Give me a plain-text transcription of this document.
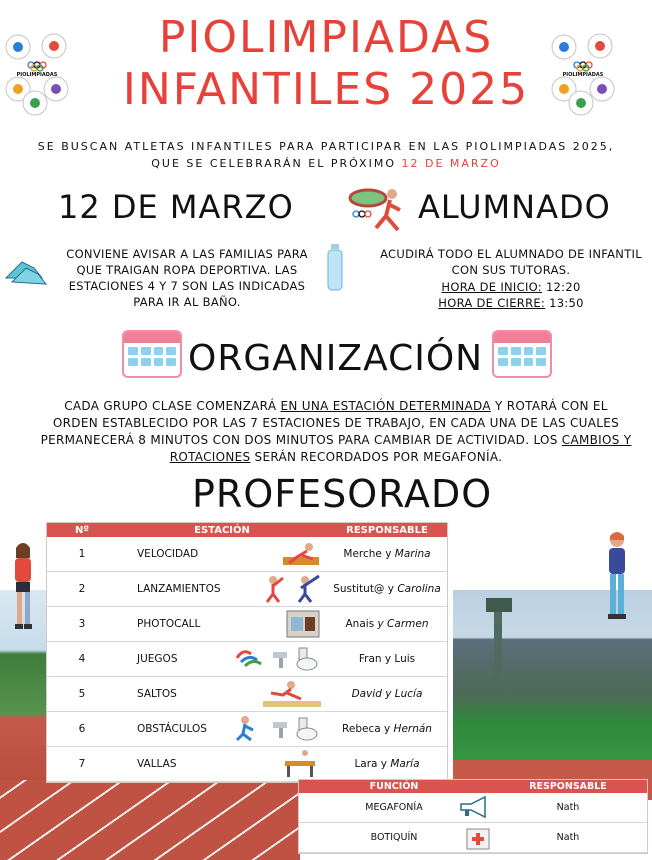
PIOLIMPIADAS	PIOLIMPIADAS
PIOLIMPIADAS
INFANTILES 2025
SE BUSCAN ATLETAS INFANTILES PARA PARTICIPAR EN LAS PIOLIMPIADAS 2025, QUE SE CELEBRARÁN EL PRÓXIMO 12 DE MARZO
12 DE MARZO
CONVIENE AVISAR A LAS FAMILIAS PARA QUE TRAIGAN ROPA DEPORTIVA. LAS ESTACIONES 4 Y 7 SON LAS INDICADAS PARA IR AL BAÑO.
ALUMNADO
ACUDIRÁ TODO EL ALUMNADO DE INFANTIL CON SUS TUTORAS.
HORA DE INICIO: 12:20
HORA DE CIERRE: 13:50
ORGANIZACIÓN
CADA GRUPO CLASE COMENZARÁ EN UNA ESTACIÓN DETERMINADA Y ROTARÁ CON EL ORDEN ESTABLECIDO POR LAS 7 ESTACIONES DE TRABAJO, EN CADA UNA DE LAS CUALES PERMANECERÁ 8 MINUTOS CON DOS MINUTOS PARA CAMBIAR DE ACTIVIDAD. LOS CAMBIOS Y ROTACIONES SERÁN RECORDADOS POR MEGAFONÍA.
PROFESORADO
Nº	ESTACIÓN	RESPONSABLE
1	VELOCIDAD	Merche y Marina
2	LANZAMIENTOS	Sustitut@ y Carolina
3	PHOTOCALL	Anais y Carmen
4	JUEGOS	Fran y Luis
5	SALTOS	David y Lucía
6	OBSTÁCULOS	Rebeca y Hernán
7	VALLAS	Lara y María
FUNCIÓN	RESPONSABLE
MEGAFONÍA	Nath
BOTIQUÍN	Nath
